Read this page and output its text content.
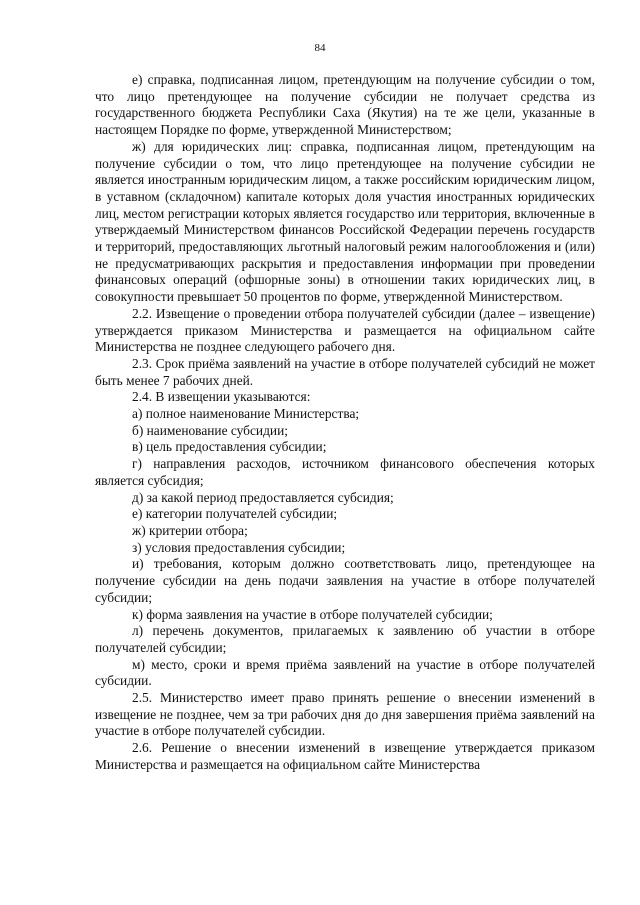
84

е) справка, подписанная лицом, претендующим на получение субсидии о том, что лицо претендующее на получение субсидии не получает средства из государственного бюджета Республики Саха (Якутия) на те же цели, указанные в настоящем Порядке по форме, утвержденной Министерством;

ж) для юридических лиц: справка, подписанная лицом, претендующим на получение субсидии о том, что лицо претендующее на получение субсидии не является иностранным юридическим лицом, а также российским юридическим лицом, в уставном (складочном) капитале которых доля участия иностранных юридических лиц, местом регистрации которых является государство или территория, включенные в утверждаемый Министерством финансов Российской Федерации перечень государств и территорий, предоставляющих льготный налоговый режим налогообложения и (или) не предусматривающих раскрытия и предоставления информации при проведении финансовых операций (офшорные зоны) в отношении таких юридических лиц, в совокупности превышает 50 процентов по форме, утвержденной Министерством.

2.2. Извещение о проведении отбора получателей субсидии (далее – извещение) утверждается приказом Министерства и размещается на официальном сайте Министерства не позднее следующего рабочего дня.

2.3. Срок приёма заявлений на участие в отборе получателей субсидий не может быть менее 7 рабочих дней.

2.4. В извещении указываются:

а) полное наименование Министерства;

б) наименование субсидии;

в) цель предоставления субсидии;

г) направления расходов, источником финансового обеспечения которых является субсидия;

д) за какой период предоставляется субсидия;

е) категории получателей субсидии;

ж) критерии отбора;

з) условия предоставления субсидии;

и) требования, которым должно соответствовать лицо, претендующее на получение субсидии на день подачи заявления на участие в отборе получателей субсидии;

к) форма заявления на участие в отборе получателей субсидии;

л) перечень документов, прилагаемых к заявлению об участии в отборе получателей субсидии;

м) место, сроки и время приёма заявлений на участие в отборе получателей субсидии.

2.5. Министерство имеет право принять решение о внесении изменений в извещение не позднее, чем за три рабочих дня до дня завершения приёма заявлений на участие в отборе получателей субсидии.

2.6. Решение о внесении изменений в извещение утверждается приказом Министерства и размещается на официальном сайте Министерства
